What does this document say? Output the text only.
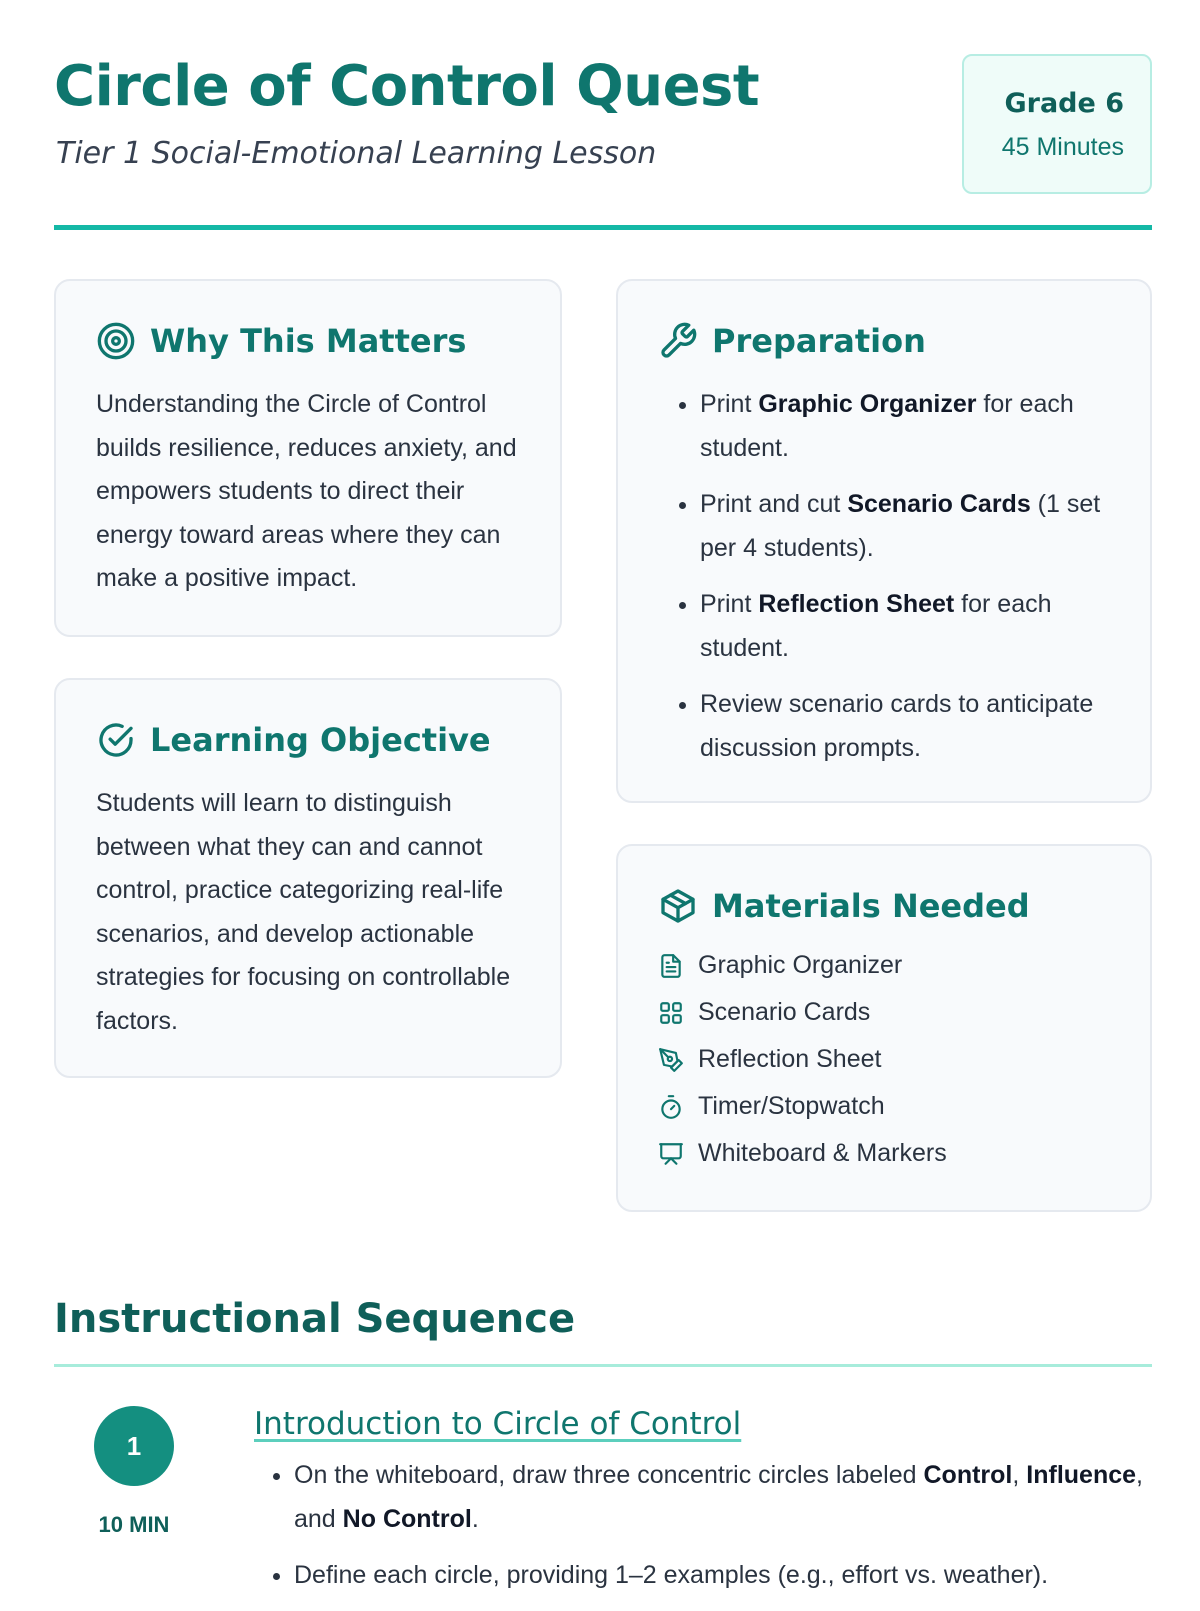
Circle of Control Quest
Tier 1 Social-Emotional Learning Lesson
Grade 6
45 Minutes
Why This Matters

Understanding the Circle of Control builds resilience, reduces anxiety, and empowers students to direct their energy toward areas where they can make a positive impact.

Learning Objective

Students will learn to distinguish between what they can and cannot control, practice categorizing real-life scenarios, and develop actionable strategies for focusing on controllable factors.

Preparation
• Print Graphic Organizer for each student.
• Print and cut Scenario Cards (1 set per 4 students).
• Print Reflection Sheet for each student.
• Review scenario cards to anticipate discussion prompts.
Materials Needed
Graphic Organizer
Scenario Cards
Reflection Sheet
Timer/Stopwatch
Whiteboard & Markers
Instructional Sequence
1
10 MIN
Introduction to Circle of Control
• On the whiteboard, draw three concentric circles labeled Control, Influence, and No Control.
• Define each circle, providing 1–2 examples (e.g., effort vs. weather).
